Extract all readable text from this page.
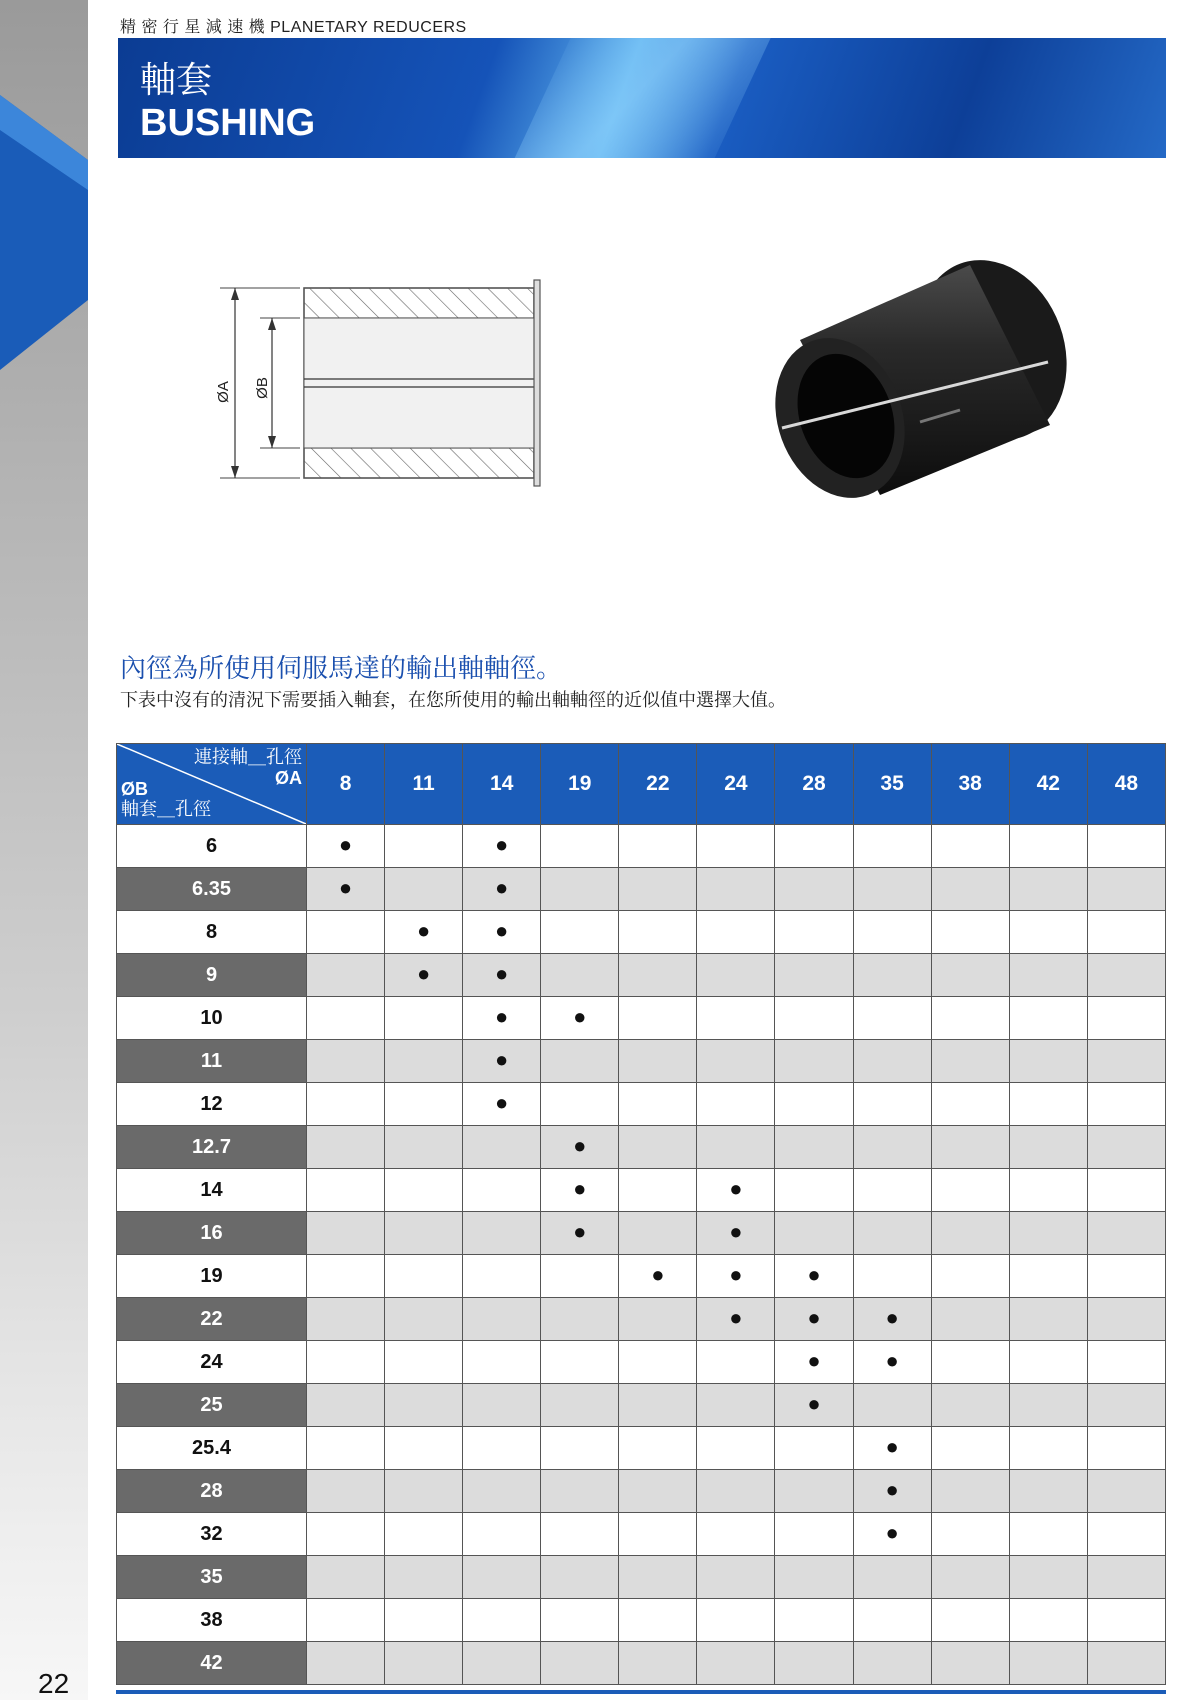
精 密 行 星 減 速 機 PLANETARY REDUCERS
軸套
BUSHING
ØA ØB
內徑為所使用伺服馬達的輸出軸軸徑。
下表中沒有的清況下需要插入軸套，在您所使用的輸出軸軸徑的近似值中選擇大值。
連接軸＿孔徑
ØA
ØB
軸套＿孔徑	8	11	14	19	22	24	28	35	38	42	48
6	●		●								
6.35	●		●								
8		●	●								
9		●	●								
10			●	●							
11			●								
12			●								
12.7				●							
14				●		●					
16				●		●					
19					●	●	●				
22						●	●	●			
24							●	●			
25							●				
25.4								●			
28								●			
32								●			
35											
38											
42											
22
